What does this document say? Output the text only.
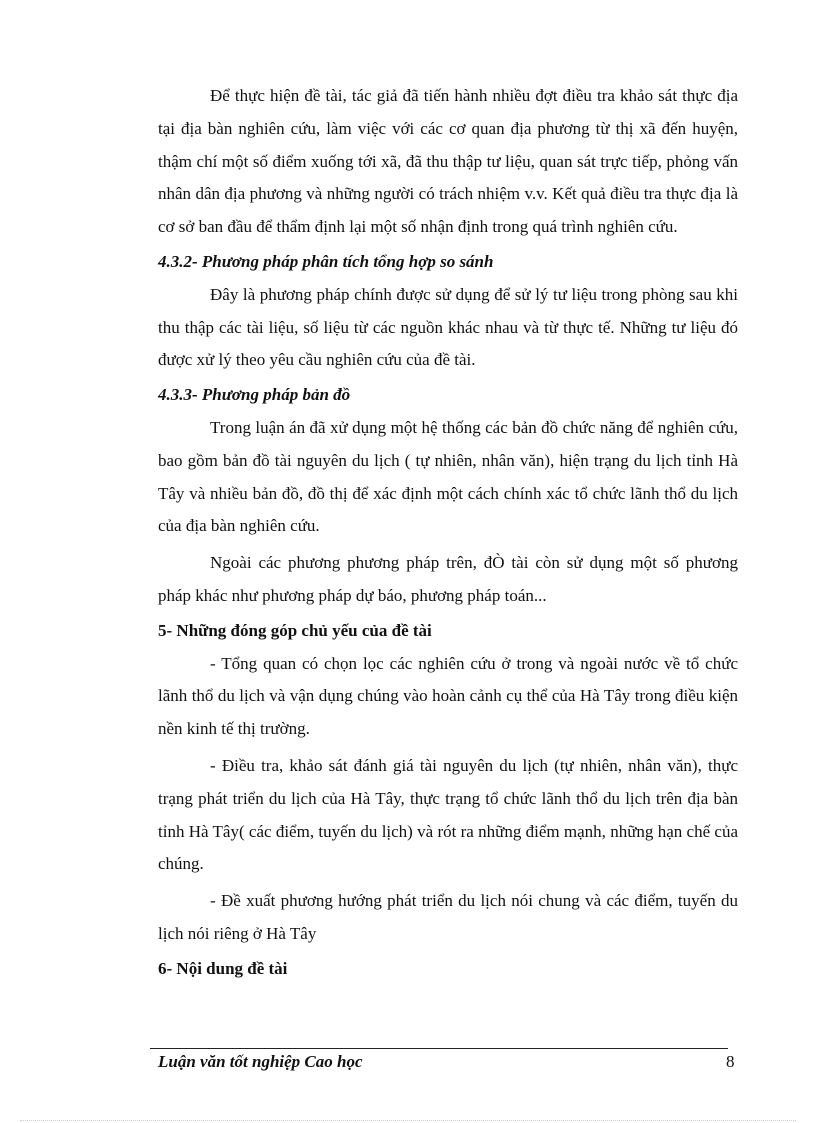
Để thực hiện đề tài, tác giả đã tiến hành nhiều đợt điều tra khảo sát thực địa tại địa bàn nghiên cứu, làm việc với các cơ quan địa phương từ thị xã đến huyện, thậm chí một số điểm xuống tới xã, đã thu thập tư liệu, quan sát trực tiếp, phỏng vấn nhân dân địa phương và những người có trách nhiệm v.v. Kết quả điều tra thực địa là cơ sở ban đầu để thẩm định lại một số nhận định trong quá trình nghiên cứu.

4.3.2- Phương pháp phân tích tổng hợp so sánh

Đây là phương pháp chính được sử dụng để sử lý tư liệu trong phòng sau khi thu thập các tài liệu, số liệu từ các nguồn khác nhau và từ thực tế. Những tư liệu đó được xử lý theo yêu cầu nghiên cứu của đề tài.

4.3.3- Phương pháp bản đồ

Trong luận án đã xử dụng một hệ thống các bản đồ chức năng để nghiên cứu, bao gồm bản đồ tài nguyên du lịch ( tự nhiên, nhân văn), hiện trạng du lịch tỉnh Hà Tây và nhiều bản đồ, đồ thị để xác định một cách chính xác tổ chức lãnh thổ du lịch của địa bàn nghiên cứu.

Ngoài các phương phương pháp trên, đÒ tài còn sử dụng một số phương pháp khác như phương pháp dự báo, phương pháp toán...

5- Những đóng góp chủ yếu của đề tài

- Tổng quan có chọn lọc các nghiên cứu ở trong và ngoài nước về tổ chức lãnh thổ du lịch và vận dụng chúng vào hoàn cảnh cụ thể của Hà Tây trong điều kiện nền kinh tế thị trường.

- Điều tra, khảo sát đánh giá tài nguyên du lịch (tự nhiên, nhân văn), thực trạng phát triển du lịch của Hà Tây, thực trạng tổ chức lãnh thổ du lịch trên địa bàn tỉnh Hà Tây( các điểm, tuyến du lịch) và rót ra những điểm mạnh, những hạn chế của chúng.

- Đề xuất phương hướng phát triển du lịch nói chung và các điểm, tuyến du lịch nói riêng ở Hà Tây

6- Nội dung đề tài

Luận văn tốt nghiệp Cao học	8
